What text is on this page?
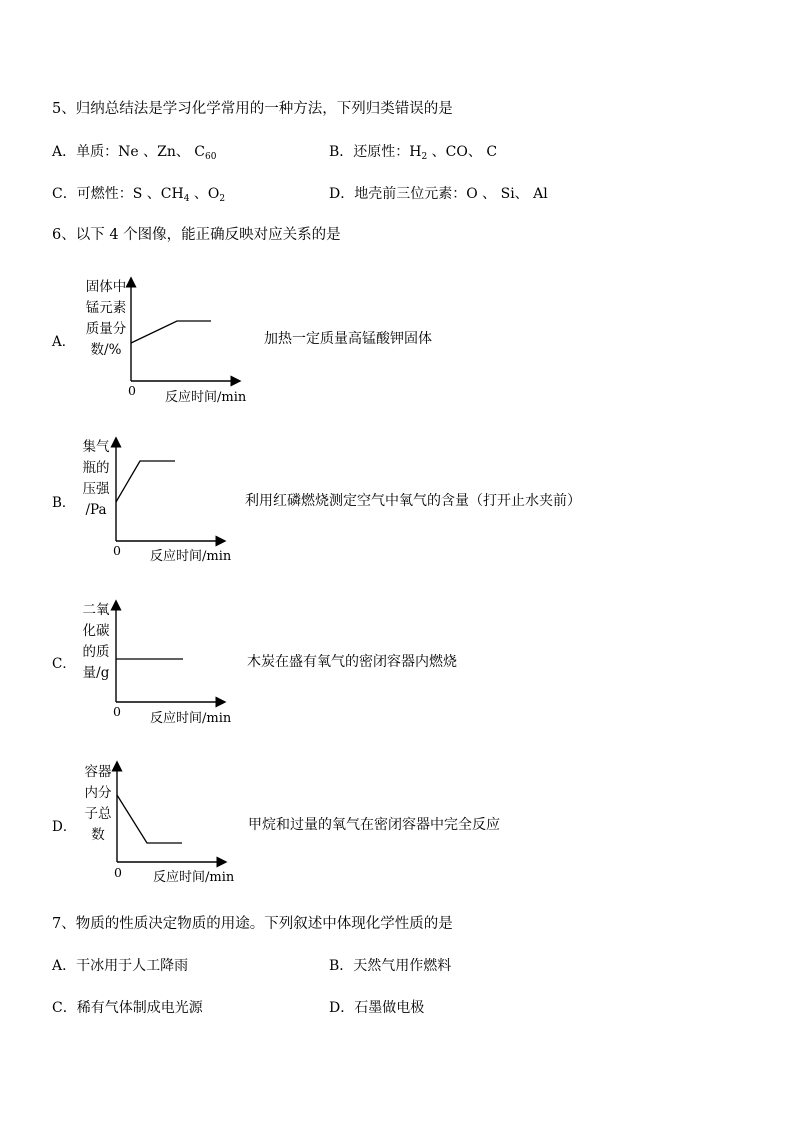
5、归纳总结法是学习化学常用的一种方法，下列归类错误的是
A．单质：Ne 、Zn、 $C_{60}$	B．还原性：$H_2$ 、CO、 C
C．可燃性：S 、$CH_4$ 、$O_2$	D．地壳前三位元素：O 、 Si、 Al
6、以下 4 个图像，能正确反映对应关系的是
A．
固体中
锰元素
质量分
数/%
0 反应时间/min
加热一定质量高锰酸钾固体
B．
集气
瓶的
压强
/Pa
0 反应时间/min
利用红磷燃烧测定空气中氧气的含量（打开止水夹前）
C．
二氧
化碳
的质
量/g
0 反应时间/min
木炭在盛有氧气的密闭容器内燃烧
D．
容器
内分
子总
数
0 反应时间/min
甲烷和过量的氧气在密闭容器中完全反应
7、物质的性质决定物质的用途。下列叙述中体现化学性质的是
A．干冰用于人工降雨	B．天然气用作燃料
C．稀有气体制成电光源	D．石墨做电极
